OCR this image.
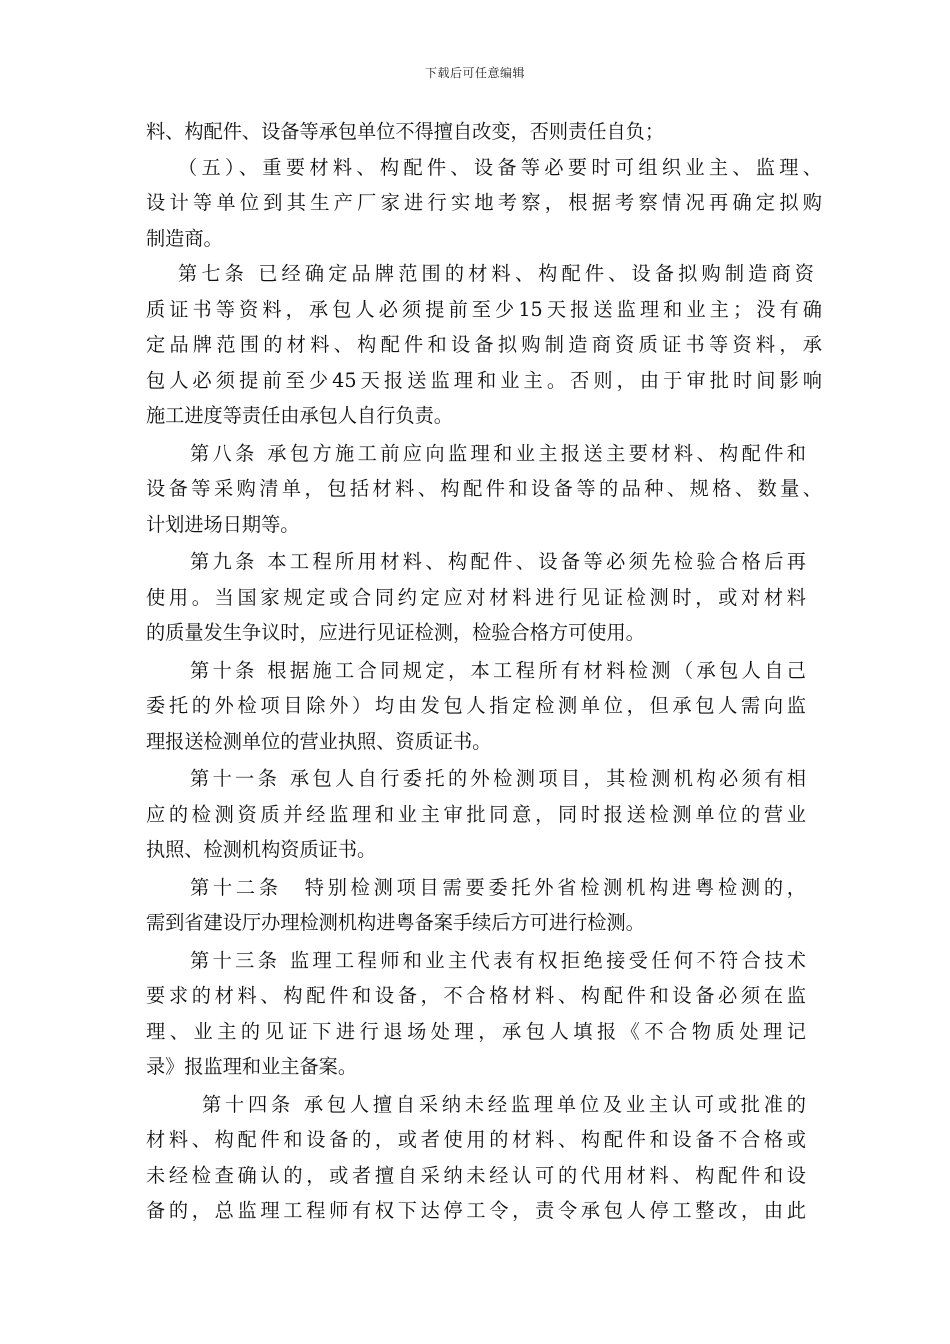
下载后可任意编辑
料、构配件、设备等承包单位不得擅自改变，否则责任自负；
（五）、重要材料、构配件、设备等必要时可组织业主、监理、
设计等单位到其生产厂家进行实地考察，根据考察情况再确定拟购
制造商。
第七条 已经确定品牌范围的材料、构配件、设备拟购制造商资
质证书等资料，承包人必须提前至少15天报送监理和业主；没有确
定品牌范围的材料、构配件和设备拟购制造商资质证书等资料，承
包人必须提前至少45天报送监理和业主。否则，由于审批时间影响
施工进度等责任由承包人自行负责。
第八条 承包方施工前应向监理和业主报送主要材料、构配件和
设备等采购清单，包括材料、构配件和设备等的品种、规格、数量、
计划进场日期等。
第九条 本工程所用材料、构配件、设备等必须先检验合格后再
使用。当国家规定或合同约定应对材料进行见证检测时，或对材料
的质量发生争议时，应进行见证检测，检验合格方可使用。
第十条 根据施工合同规定，本工程所有材料检测（承包人自己
委托的外检项目除外）均由发包人指定检测单位，但承包人需向监
理报送检测单位的营业执照、资质证书。
第十一条 承包人自行委托的外检测项目，其检测机构必须有相
应的检测资质并经监理和业主审批同意，同时报送检测单位的营业
执照、检测机构资质证书。
第十二条　特别检测项目需要委托外省检测机构进粤检测的，
需到省建设厅办理检测机构进粤备案手续后方可进行检测。
第十三条 监理工程师和业主代表有权拒绝接受任何不符合技术
要求的材料、构配件和设备，不合格材料、构配件和设备必须在监
理、业主的见证下进行退场处理，承包人填报《不合物质处理记
录》报监理和业主备案。
第十四条 承包人擅自采纳未经监理单位及业主认可或批准的
材料、构配件和设备的，或者使用的材料、构配件和设备不合格或
未经检查确认的，或者擅自采纳未经认可的代用材料、构配件和设
备的，总监理工程师有权下达停工令，责令承包人停工整改，由此
